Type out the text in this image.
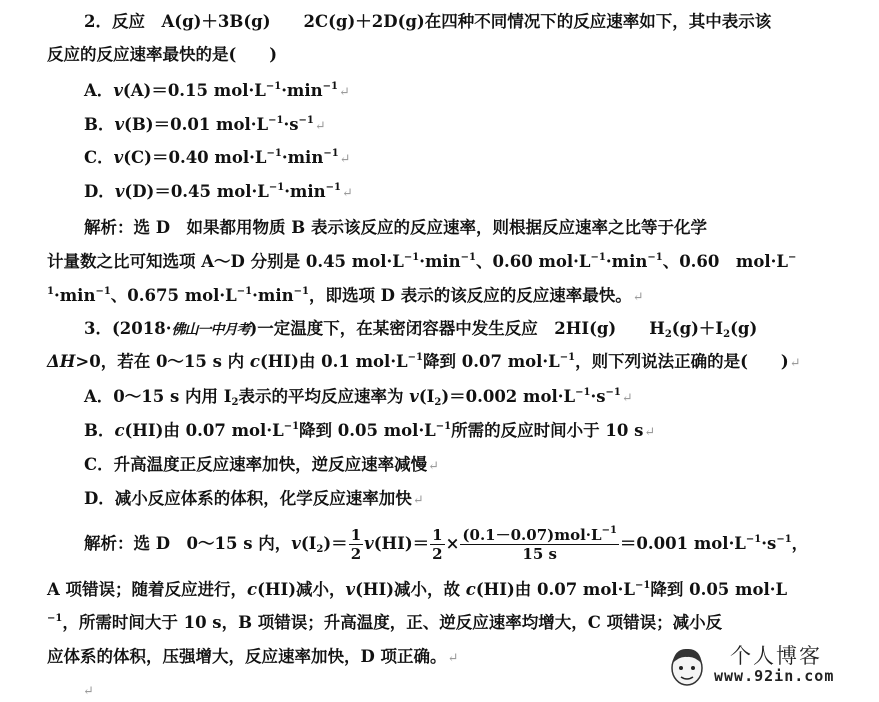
2．反应　A(g)＋3B(g)　　2C(g)＋2D(g)在四种不同情况下的反应速率如下，其中表示该
反应的反应速率最快的是(　　)
A．v(A)＝0.15 $mol\cdot L^{-1}\cdot\min^{-1}↵$
B．v(B)＝0.01 $mol\cdot L^{-1}\cdot s^{-1}↵$
C．v(C)＝0.40 $mol\cdot L^{-1}\cdot\min^{-1}↵$
D．v(D)＝0.45 $mol\cdot L^{-1}\cdot\min^{-1}↵$
解析：选 D　如果都用物质 B 表示该反应的反应速率，则根据反应速率之比等于化学
计量数之比可知选项 A～D 分别是 0.45 $mol\cdot L^{-1}\cdot\min^{-1}$、0.60 $mol\cdot L^{-1}\cdot\min^{-1}$、0.60　mol·L−
$^1\cdot\min^{-1}$、0.675 $mol\cdot L^{-1}\cdot\min^{-1}$，即选项 D 表示的该反应的反应速率最快。↵
3．(2018·佛山一中月考)一定温度下，在某密闭容器中发生反应　2HI(g)　　$H_2(g)+I_2(g)$
ΔH>0，若在 0～15 s 内 c(HI)由 0.1 $mol\cdot L^{-1}$降到 0.07 $mol\cdot L^{-1}$，则下列说法正确的是(　　)↵
A．0～15 s 内用 $I_2$表示的平均反应速率为 $v(I_2)=0.002$ $mol\cdot L^{-1}\cdot s^{-1}↵$
B．c(HI)由 0.07 $mol\cdot L^{-1}$降到 0.05 $mol\cdot L^{-1}$所需的反应时间小于 10 s↵
C．升高温度正反应速率加快，逆反应速率减慢↵
D．减小反应体系的体积，化学反应速率加快↵
解析：选 D　0～15 s 内，$v(I_2)= \frac{1}{2} v(HI)= \frac{1}{2} \times \frac{(0.1-0.07)mol\cdot L^{-1}}{15 s} =0.001$ $mol\cdot L^{-1}\cdot s^{-1}$，
A 项错误；随着反应进行，c(HI)减小，v(HI)减小，故 c(HI)由 0.07 $mol\cdot L^{-1}$降到 0.05 mol·L
$^{-1}$，所需时间大于 10 s，B 项错误；升高温度，正、逆反应速率均增大，C 项错误；减小反
应体系的体积，压强增大，反应速率加快，D 项正确。↵
↵
个人博客
www.92in.com
